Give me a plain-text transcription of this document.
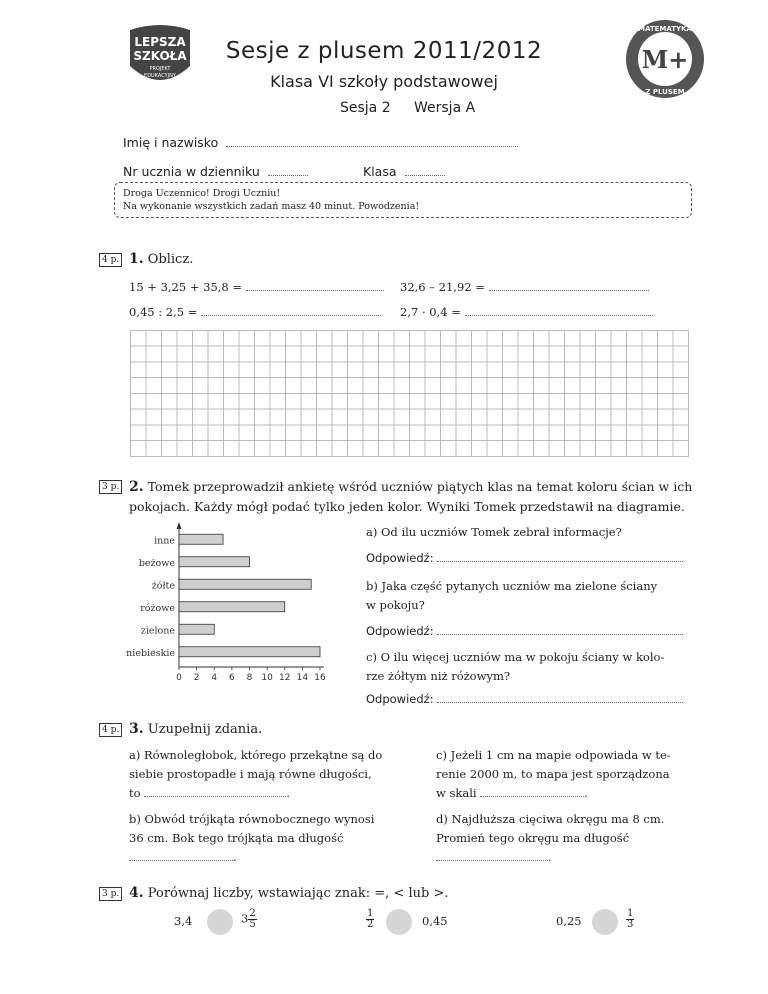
LEPSZA
SZKOŁA
PROJEKT
EDUKACYJNY
M+
MATEMATYKA
Z PLUSEM
Sesje z plusem 2011/2012
Klasa VI szkoły podstawowej
Sesja 2 Wersja A
Imię i nazwisko
Nr ucznia w dzienniku	Klasa
Droga Uczennico! Drogi Uczniu!
Na wykonanie wszystkich zadań masz 40 minut. Powodzenia!
4 p. 1. Oblicz.
15 + 3,25 + 35,8 =	32,6 – 21,92 =
0,45 : 2,5 =	2,7 · 0,4 =
3 p. 2. Tomek przeprowadził ankietę wśród uczniów piątych klas na temat koloru ścian w ich
pokojach. Każdy mógł podać tylko jeden kolor. Wyniki Tomek przedstawił na diagramie.
inne
beżowe
żółte
różowe
zielone
niebieskie
0 2 4 6 8 10 12 14 16
a) Od ilu uczniów Tomek zebrał informacje?
Odpowiedź:
b) Jaka część pytanych uczniów ma zielone ściany
w pokoju?
Odpowiedź:
c) O ilu więcej uczniów ma w pokoju ściany w kolo-
rze żółtym niż różowym?
Odpowiedź:
4 p. 3. Uzupełnij zdania.
a) Równoległobok, którego przekątne są do
siebie prostopadłe i mają równe długości,
to	.
b) Obwód trójkąta równobocznego wynosi
36 cm. Bok tego trójkąta ma długość
.
c) Jeżeli 1 cm na mapie odpowiada w te-
renie 2000 m, to mapa jest sporządzona
w skali	.
d) Najdłuższa cięciwa okręgu ma 8 cm.
Promień tego okręgu ma długość
.
3 p. 4. Porównaj liczby, wstawiając znak: =, < lub >.
3,4	$3 \frac{2}{5}$	$\frac{1}{2}$	0,45	0,25	$\frac{1}{3}$
